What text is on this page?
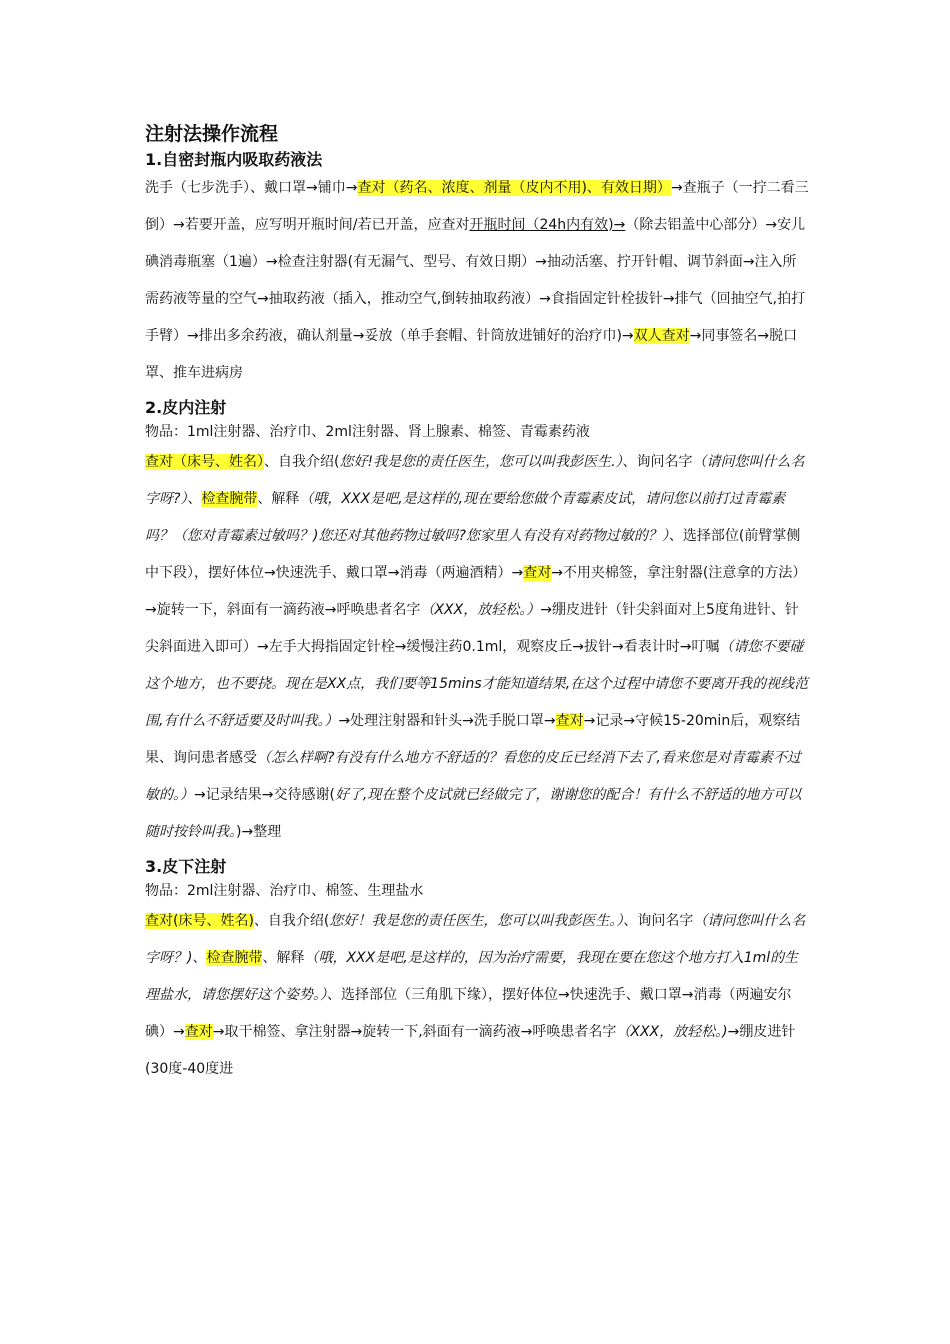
注射法操作流程

1.自密封瓶内吸取药液法

洗手（七步洗手）、戴口罩→铺巾→查对（药名、浓度、剂量（皮内不用)、有效日期）→查瓶子（一拧二看三倒）→若要开盖，应写明开瓶时间/若已开盖，应查对开瓶时间（24h内有效)→（除去铝盖中心部分）→安儿碘消毒瓶塞（1遍）→检查注射器(有无漏气、型号、有效日期）→抽动活塞、拧开针帽、调节斜面→注入所需药液等量的空气→抽取药液（插入，推动空气,倒转抽取药液）→食指固定针栓拔针→排气（回抽空气,拍打手臂）→排出多余药液，确认剂量→妥放（单手套帽、针筒放进铺好的治疗巾)→双人查对→同事签名→脱口罩、推车进病房

2.皮内注射

物品：1ml注射器、治疗巾、2ml注射器、肾上腺素、棉签、青霉素药液

查对（床号、姓名）、自我介绍(您好!我是您的责任医生，您可以叫我彭医生.）、询问名字（请问您叫什么名字呀?）、检查腕带、解释（哦，XXX是吧,是这样的,现在要给您做个青霉素皮试，请问您以前打过青霉素吗？（您对青霉素过敏吗？)您还对其他药物过敏吗?您家里人有没有对药物过敏的？）、选择部位(前臂掌侧中下段），摆好体位→快速洗手、戴口罩→消毒（两遍酒精）→查对→不用夹棉签，拿注射器(注意拿的方法）→旋转一下，斜面有一滴药液→呼唤患者名字（XXX，放轻松。）→绷皮进针（针尖斜面对上5度角进针、针尖斜面进入即可）→左手大拇指固定针栓→缓慢注药0.1ml，观察皮丘→拔针→看表计时→叮嘱（请您不要碰这个地方，也不要挠。现在是XX点，我们要等15mins才能知道结果,在这个过程中请您不要离开我的视线范围,有什么不舒适要及时叫我。）→处理注射器和针头→洗手脱口罩→查对→记录→守候15-20min后，观察结果、询问患者感受（怎么样啊?有没有什么地方不舒适的？看您的皮丘已经消下去了,看来您是对青霉素不过敏的。）→记录结果→交待感谢(好了,现在整个皮试就已经做完了，谢谢您的配合！有什么不舒适的地方可以随时按铃叫我。)→整理

3.皮下注射

物品：2ml注射器、治疗巾、棉签、生理盐水

查对(床号、姓名)、自我介绍(您好！我是您的责任医生，您可以叫我彭医生。）、询问名字（请问您叫什么名字呀？)、检查腕带、解释（哦，XXX是吧,是这样的，因为治疗需要，我现在要在您这个地方打入1ml的生理盐水，请您摆好这个姿势。）、选择部位（三角肌下缘），摆好体位→快速洗手、戴口罩→消毒（两遍安尔碘）→查对→取干棉签、拿注射器→旋转一下,斜面有一滴药液→呼唤患者名字（XXX，放轻松。)→绷皮进针(30度-40度进
